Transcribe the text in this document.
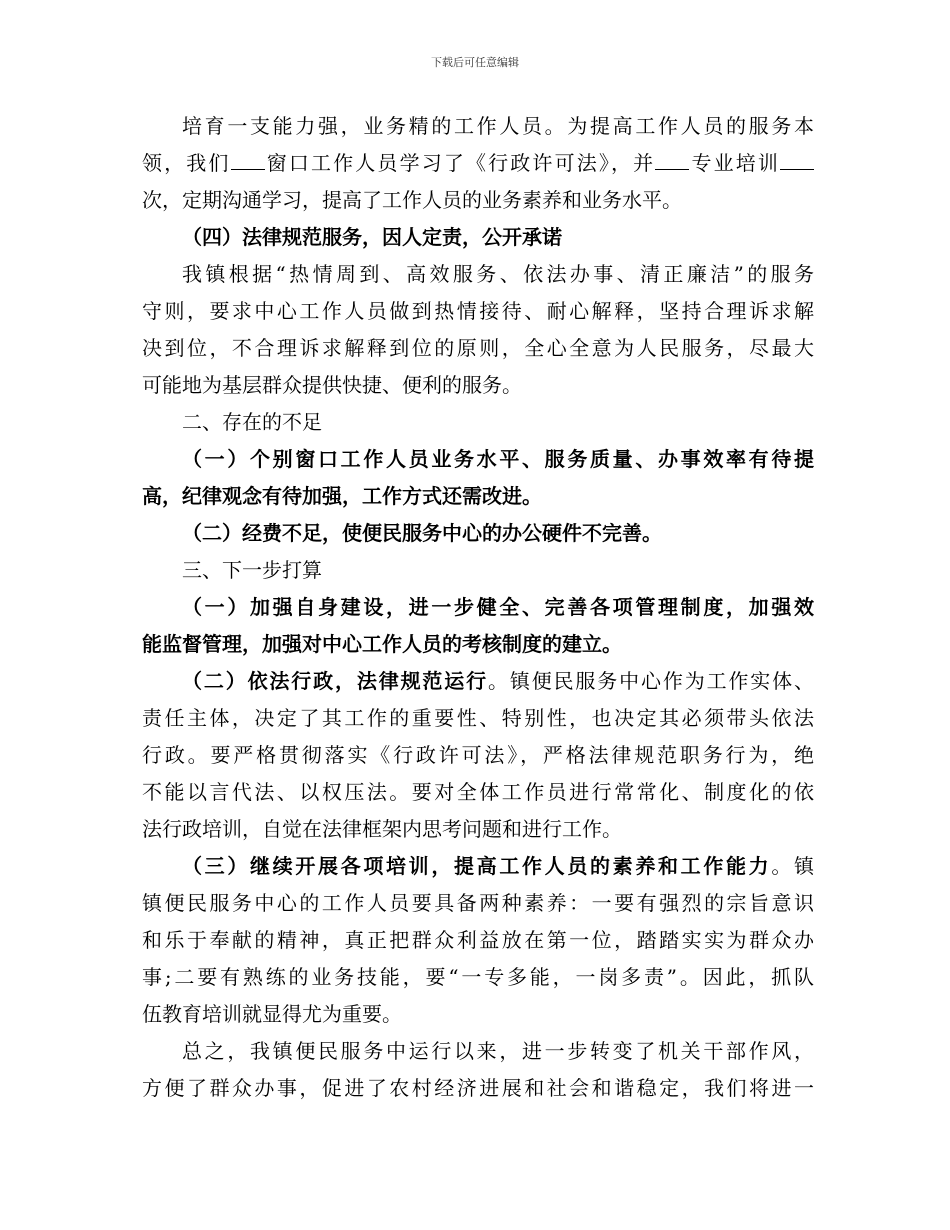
下载后可任意编辑
培育一支能力强，业务精的工作人员。为提高工作人员的服务本
领，我们 窗口工作人员学习了《行政许可法》，并 专业培训
次，定期沟通学习，提高了工作人员的业务素养和业务水平。
（四）法律规范服务，因人定责，公开承诺
我镇根据“热情周到、高效服务、依法办事、清正廉洁”的服务
守则，要求中心工作人员做到热情接待、耐心解释，坚持合理诉求解
决到位，不合理诉求解释到位的原则，全心全意为人民服务，尽最大
可能地为基层群众提供快捷、便利的服务。
二、存在的不足
（一）个别窗口工作人员业务水平、服务质量、办事效率有待提
高，纪律观念有待加强，工作方式还需改进。
（二）经费不足，使便民服务中心的办公硬件不完善。
三、下一步打算
（一）加强自身建设，进一步健全、完善各项管理制度，加强效
能监督管理，加强对中心工作人员的考核制度的建立。
（二）依法行政，法律规范运行。镇便民服务中心作为工作实体、
责任主体，决定了其工作的重要性、特别性，也决定其必须带头依法
行政。要严格贯彻落实《行政许可法》，严格法律规范职务行为，绝
不能以言代法、以权压法。要对全体工作员进行常常化、制度化的依
法行政培训，自觉在法律框架内思考问题和进行工作。
（三）继续开展各项培训，提高工作人员的素养和工作能力。镇
镇便民服务中心的工作人员要具备两种素养：一要有强烈的宗旨意识
和乐于奉献的精神，真正把群众利益放在第一位，踏踏实实为群众办
事;二要有熟练的业务技能，要“一专多能，一岗多责”。因此，抓队
伍教育培训就显得尤为重要。
总之，我镇便民服务中运行以来，进一步转变了机关干部作风，
方便了群众办事，促进了农村经济进展和社会和谐稳定，我们将进一
